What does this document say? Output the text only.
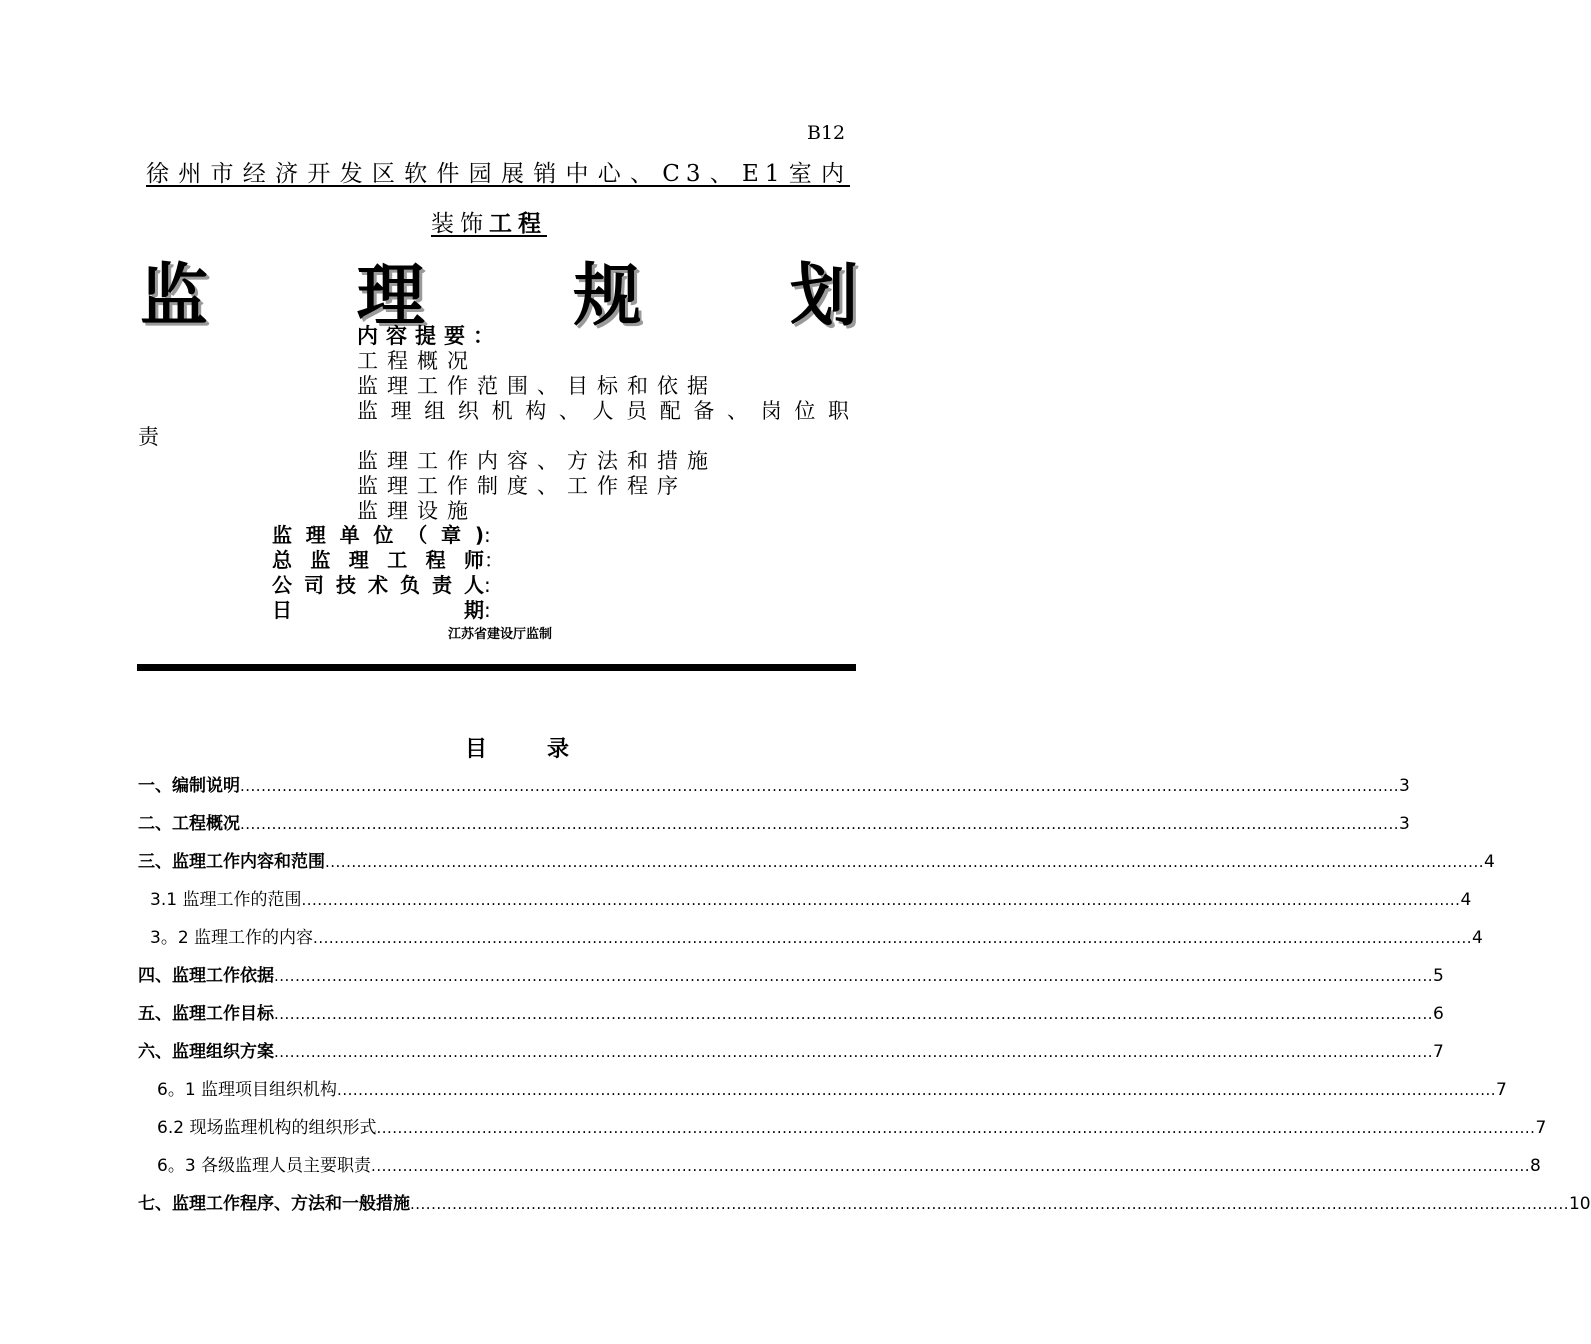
B12
徐州市经济开发区软件园展销中心、C3、E1室内
装饰工程
监 理 规 划
内容提要：
工程概况
监理工作范围、目标和依据
监 理 组 织 机 构 、 人 员 配 备 、 岗 位 职
责
监理工作内容、方法和措施
监理工作制度、工作程序
监理设施
监理单位（章):
总监理工程师：
公司技术负责人:
日期:
江苏省建设厅监制
目	录
一、编制说明 ............................................................................................................................................................................................................................ 3
二、工程概况 ............................................................................................................................................................................................................................ 3
三、监理工作内容和范围 ............................................................................................................................................................................................................................ 4
3.1 监理工作的范围 ............................................................................................................................................................................................................................ 4
3。2 监理工作的内容 ............................................................................................................................................................................................................................ 4
四、监理工作依据 ............................................................................................................................................................................................................................ 5
五、监理工作目标 ............................................................................................................................................................................................................................ 6
六、监理组织方案 ............................................................................................................................................................................................................................ 7
6。1 监理项目组织机构 ............................................................................................................................................................................................................................ 7
6.2 现场监理机构的组织形式 ............................................................................................................................................................................................................................ 7
6。3 各级监理人员主要职责 ............................................................................................................................................................................................................................ 8
七、监理工作程序、方法和一般措施 ............................................................................................................................................................................................................................ 10
